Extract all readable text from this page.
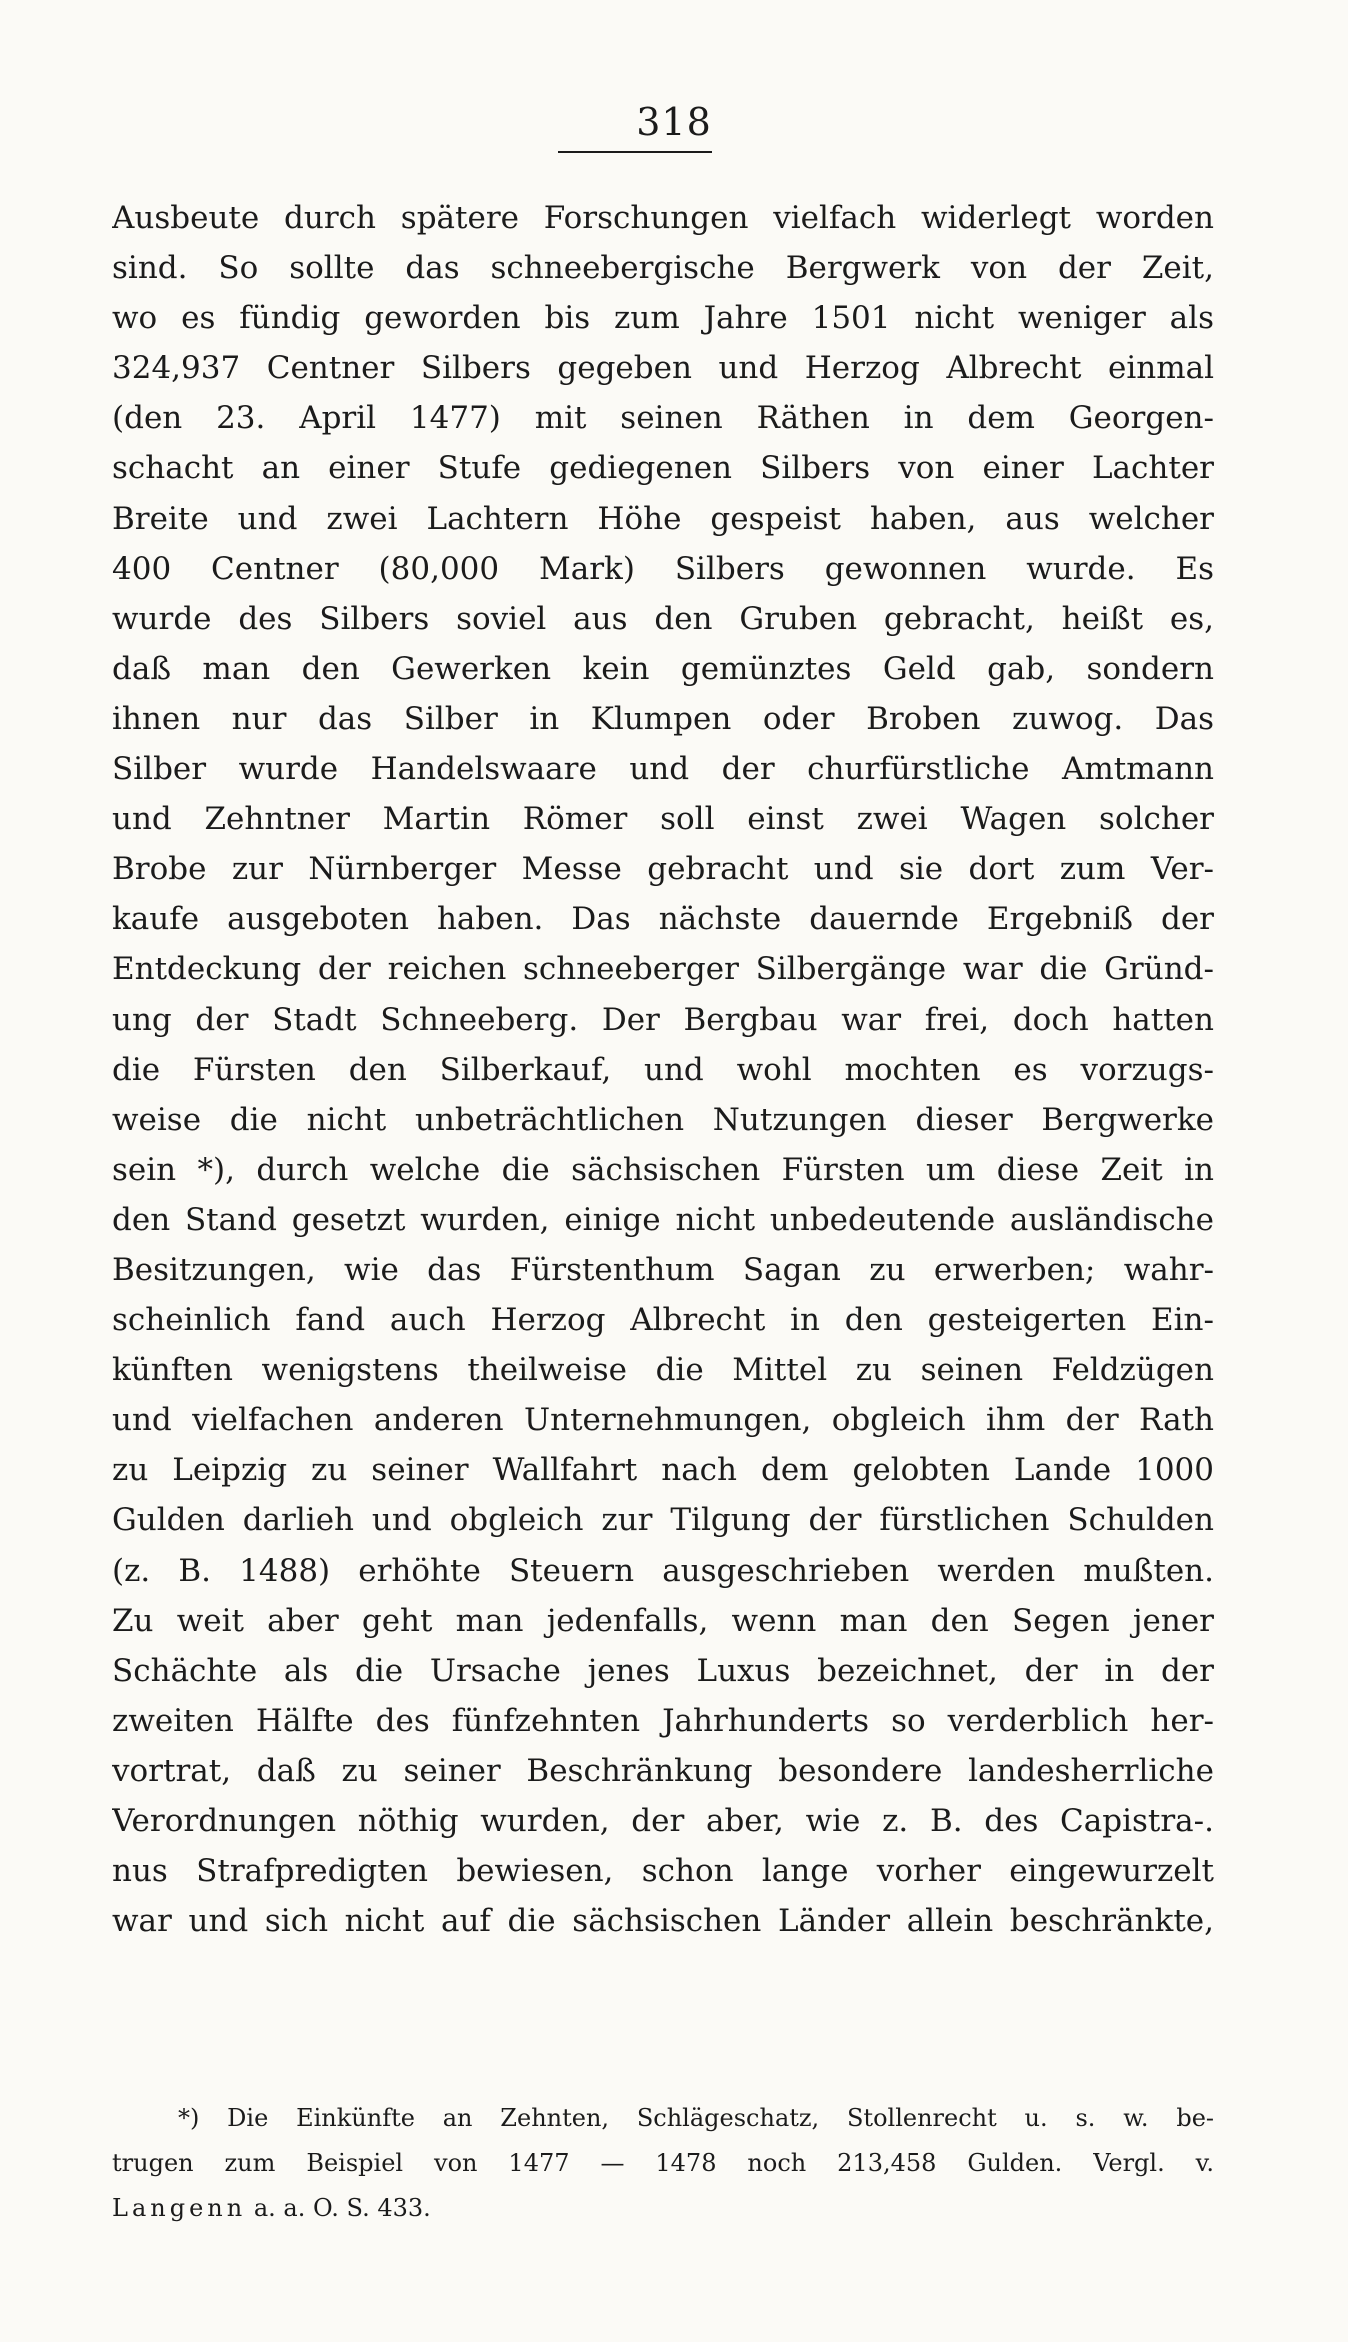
318
Ausbeute durch spätere Forschungen vielfach widerlegt worden
sind. So sollte das schneebergische Bergwerk von der Zeit,
wo es fündig geworden bis zum Jahre 1501 nicht weniger als
324,937 Centner Silbers gegeben und Herzog Albrecht einmal
(den 23. April 1477) mit seinen Räthen in dem Georgen-
schacht an einer Stufe gediegenen Silbers von einer Lachter
Breite und zwei Lachtern Höhe gespeist haben, aus welcher
400 Centner (80,000 Mark) Silbers gewonnen wurde. Es
wurde des Silbers soviel aus den Gruben gebracht, heißt es,
daß man den Gewerken kein gemünztes Geld gab, sondern
ihnen nur das Silber in Klumpen oder Broben zuwog. Das
Silber wurde Handelswaare und der churfürstliche Amtmann
und Zehntner Martin Römer soll einst zwei Wagen solcher
Brobe zur Nürnberger Messe gebracht und sie dort zum Ver-
kaufe ausgeboten haben. Das nächste dauernde Ergebniß der
Entdeckung der reichen schneeberger Silbergänge war die Gründ-
ung der Stadt Schneeberg. Der Bergbau war frei, doch hatten
die Fürsten den Silberkauf, und wohl mochten es vorzugs-
weise die nicht unbeträchtlichen Nutzungen dieser Bergwerke
sein *), durch welche die sächsischen Fürsten um diese Zeit in
den Stand gesetzt wurden, einige nicht unbedeutende ausländische
Besitzungen, wie das Fürstenthum Sagan zu erwerben; wahr-
scheinlich fand auch Herzog Albrecht in den gesteigerten Ein-
künften wenigstens theilweise die Mittel zu seinen Feldzügen
und vielfachen anderen Unternehmungen, obgleich ihm der Rath
zu Leipzig zu seiner Wallfahrt nach dem gelobten Lande 1000
Gulden darlieh und obgleich zur Tilgung der fürstlichen Schulden
(z. B. 1488) erhöhte Steuern ausgeschrieben werden mußten.
Zu weit aber geht man jedenfalls, wenn man den Segen jener
Schächte als die Ursache jenes Luxus bezeichnet, der in der
zweiten Hälfte des fünfzehnten Jahrhunderts so verderblich her-
vortrat, daß zu seiner Beschränkung besondere landesherrliche
Verordnungen nöthig wurden, der aber, wie z. B. des Capistra-.
nus Strafpredigten bewiesen, schon lange vorher eingewurzelt
war und sich nicht auf die sächsischen Länder allein beschränkte,
*) Die Einkünfte an Zehnten, Schlägeschatz, Stollenrecht u. s. w. be-
trugen zum Beispiel von 1477 — 1478 noch 213,458 Gulden. Vergl. v.
Langenn a. a. O. S. 433.
